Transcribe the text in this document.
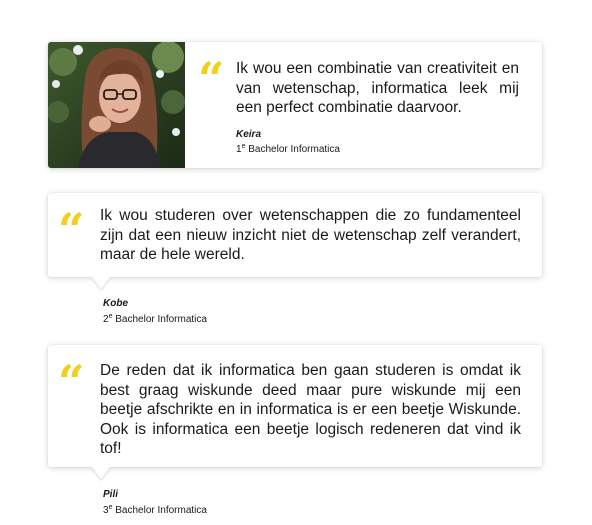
“ Ik wou een combinatie van creativiteit en van wetenschap, informatica leek mij een perfect combinatie daarvoor.
Keira
1e Bachelor Informatica
“ Ik wou studeren over wetenschappen die zo fundamenteel zijn dat een nieuw inzicht niet de wetenschap zelf verandert, maar de hele wereld.
Kobe
2e Bachelor Informatica
“ De reden dat ik informatica ben gaan studeren is omdat ik best graag wiskunde deed maar pure wiskunde mij een beetje afschrikte en in informatica is er een beetje Wiskunde. Ook is informatica een beetje logisch redeneren dat vind ik tof!
Pili
3e Bachelor Informatica
